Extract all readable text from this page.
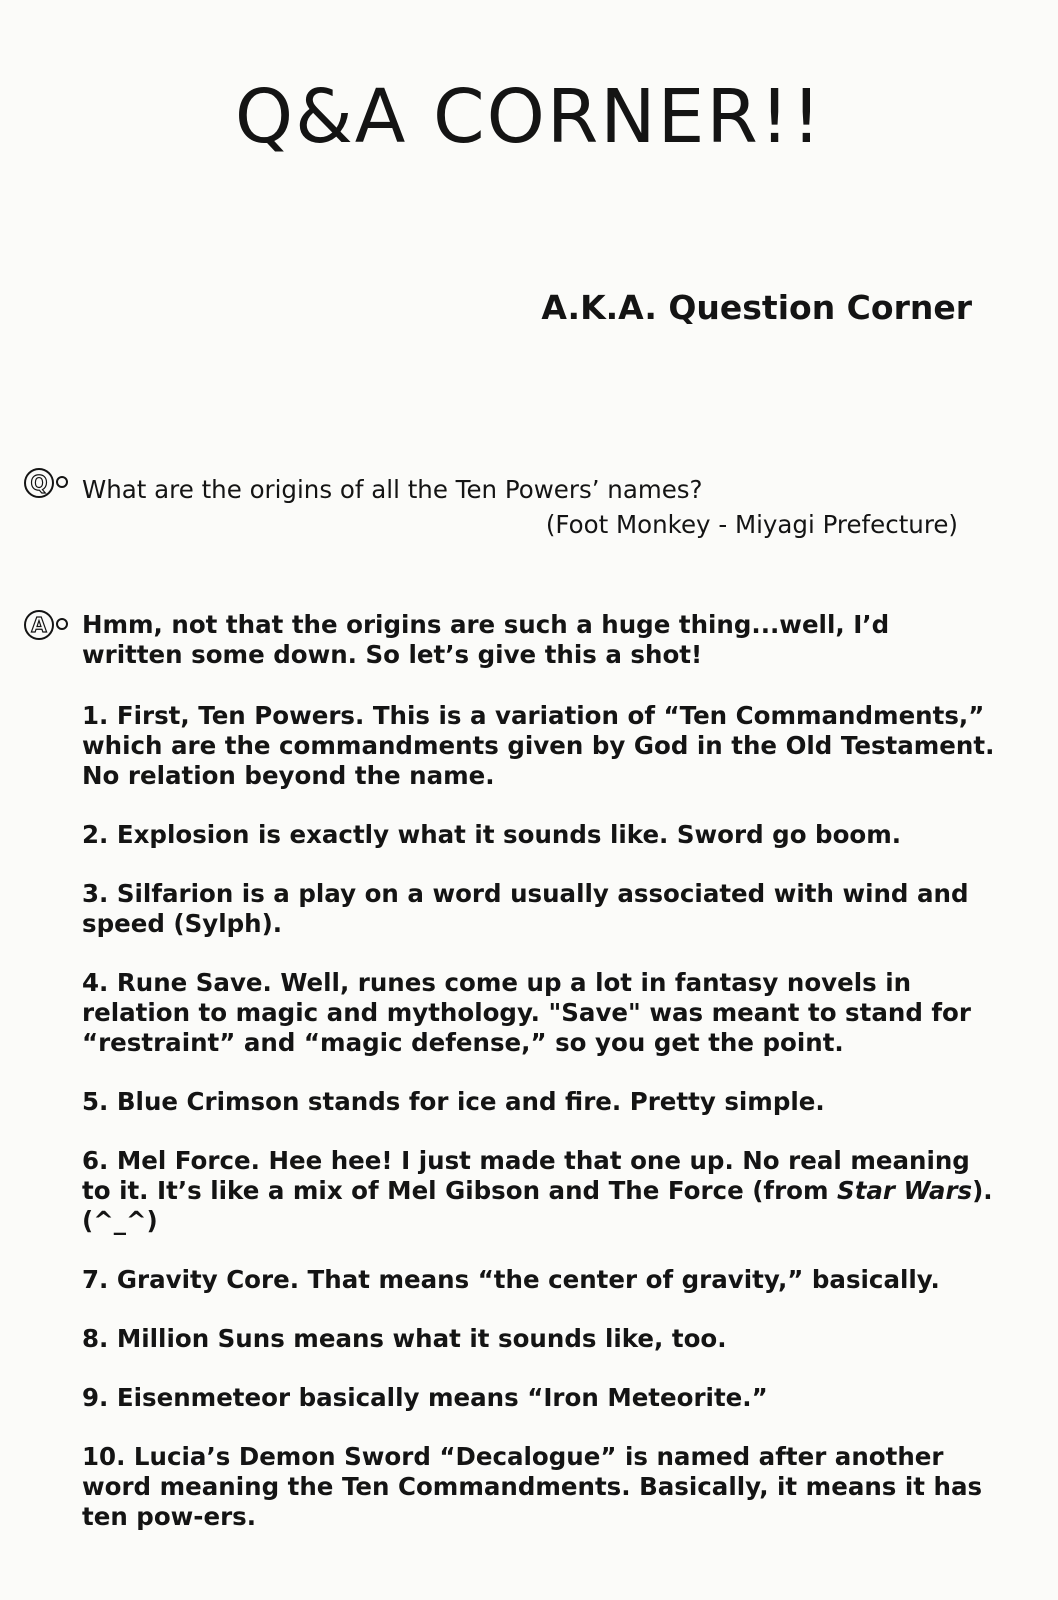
Q&A CORNER!!
A.K.A. Question Corner
Q	What are the origins of all the Ten Powers’ names?

(Foot Monkey - Miyagi Prefecture)

A	Hmm, not that the origins are such a huge thing...well, I’d written some down. So let’s give this a shot!

1. First, Ten Powers. This is a variation of “Ten Commandments,” which are the commandments given by God in the Old Testament. No relation beyond the name.

2. Explosion is exactly what it sounds like. Sword go boom.

3. Silfarion is a play on a word usually associated with wind and speed (Sylph).

4. Rune Save. Well, runes come up a lot in fantasy novels in relation to magic and mythology. "Save" was meant to stand for “restraint” and “magic defense,” so you get the point.

5. Blue Crimson stands for ice and fire. Pretty simple.

6. Mel Force. Hee hee! I just made that one up. No real meaning to it. It’s like a mix of Mel Gibson and The Force (from Star Wars). (^_^)

7. Gravity Core. That means “the center of gravity,” basically.

8. Million Suns means what it sounds like, too.

9. Eisenmeteor basically means “Iron Meteorite.”

10. Lucia’s Demon Sword “Decalogue” is named after another word meaning the Ten Commandments. Basically, it means it has ten pow-ers.
